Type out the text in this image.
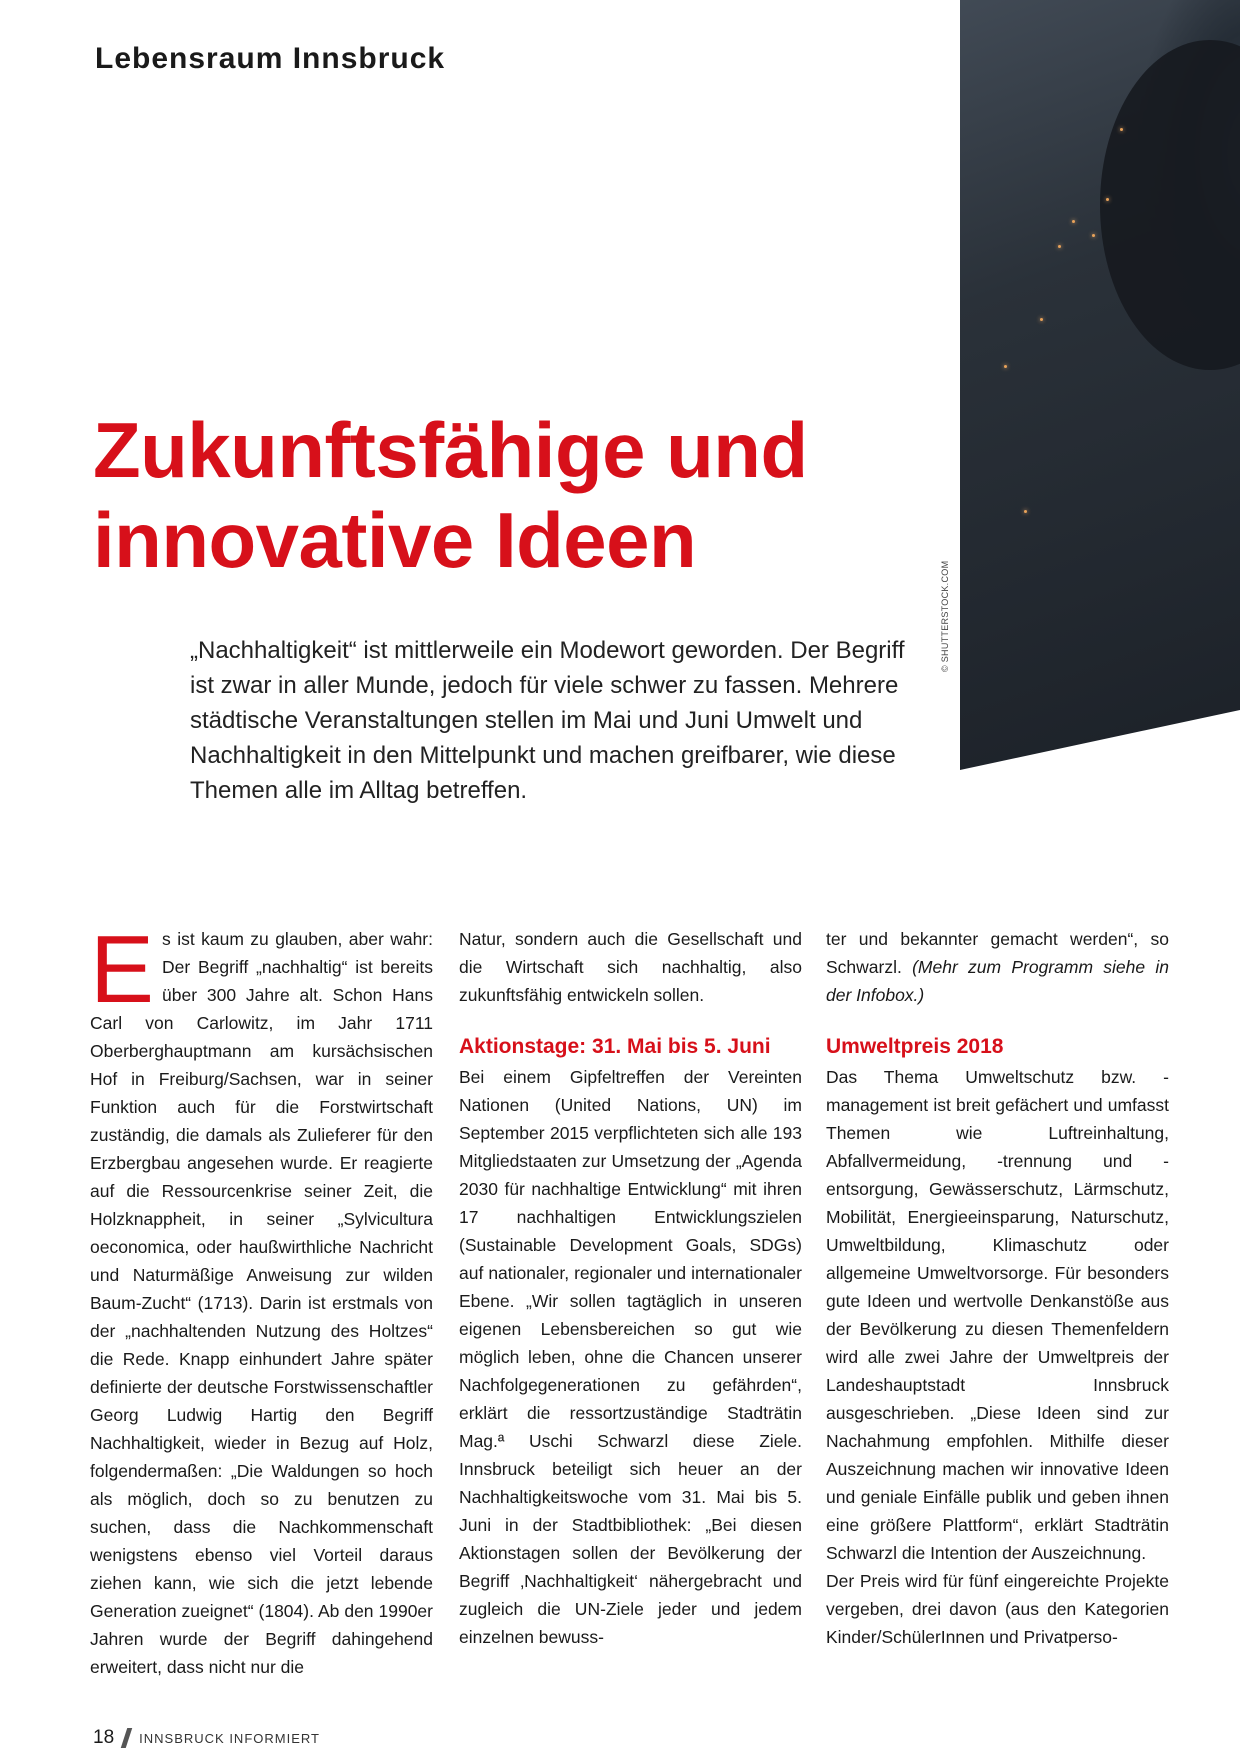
Lebensraum Innsbruck

© SHUTTERSTOCK.COM

Zukunftsfähige und
innovative Ideen

„Nachhaltigkeit“ ist mittlerweile ein Modewort geworden. Der Begriff ist zwar in aller Munde, jedoch für viele schwer zu fassen. Mehrere städtische Veranstaltungen stellen im Mai und Juni Umwelt und Nachhaltigkeit in den Mittelpunkt und machen greifbarer, wie diese Themen alle im Alltag betreffen.

Es ist kaum zu glauben, aber wahr: Der Begriff „nachhaltig“ ist bereits über 300 Jahre alt. Schon Hans Carl von Carlowitz, im Jahr 1711 Oberberghauptmann am kursächsischen Hof in Freiburg/Sachsen, war in seiner Funktion auch für die Forstwirtschaft zuständig, die damals als Zulieferer für den Erzbergbau angesehen wurde. Er reagierte auf die Ressourcenkrise seiner Zeit, die Holzknappheit, in seiner „Sylvicultura oeconomica, oder haußwirthliche Nachricht und Naturmäßige Anweisung zur wilden Baum-Zucht“ (1713). Darin ist erstmals von der „nachhaltenden Nutzung des Holtzes“ die Rede. Knapp einhundert Jahre später definierte der deutsche Forstwissenschaftler Georg Ludwig Hartig den Begriff Nachhaltigkeit, wieder in Bezug auf Holz, folgendermaßen: „Die Waldungen so hoch als möglich, doch so zu benutzen zu suchen, dass die Nachkommenschaft wenigstens ebenso viel Vorteil daraus ziehen kann, wie sich die jetzt lebende Generation zueignet“ (1804). Ab den 1990er Jahren wurde der Begriff dahingehend erweitert, dass nicht nur die

Natur, sondern auch die Gesellschaft und die Wirtschaft sich nachhaltig, also zukunftsfähig entwickeln sollen.

Aktionstage: 31. Mai bis 5. Juni

Bei einem Gipfeltreffen der Vereinten Nationen (United Nations, UN) im September 2015 verpflichteten sich alle 193 Mitgliedstaaten zur Umsetzung der „Agenda 2030 für nachhaltige Entwicklung“ mit ihren 17 nachhaltigen Entwicklungszielen (Sustainable Development Goals, SDGs) auf nationaler, regionaler und internationaler Ebene. „Wir sollen tagtäglich in unseren eigenen Lebensbereichen so gut wie möglich leben, ohne die Chancen unserer Nachfolgegenerationen zu gefährden“, erklärt die ressortzuständige Stadträtin Mag.ª Uschi Schwarzl diese Ziele. Innsbruck beteiligt sich heuer an der Nachhaltigkeitswoche vom 31. Mai bis 5. Juni in der Stadtbibliothek: „Bei diesen Aktionstagen sollen der Bevölkerung der Begriff ‚Nachhaltigkeit‘ nähergebracht und zugleich die UN-Ziele jeder und jedem einzelnen bewuss-

ter und bekannter gemacht werden“, so Schwarzl. (Mehr zum Programm siehe in der Infobox.)

Umweltpreis 2018

Das Thema Umweltschutz bzw. -management ist breit gefächert und umfasst Themen wie Luftreinhaltung, Abfallvermeidung, -trennung und -entsorgung, Gewässerschutz, Lärmschutz, Mobilität, Energieeinsparung, Naturschutz, Umweltbildung, Klimaschutz oder allgemeine Umweltvorsorge. Für besonders gute Ideen und wertvolle Denkanstöße aus der Bevölkerung zu diesen Themenfeldern wird alle zwei Jahre der Umweltpreis der Landeshauptstadt Innsbruck ausgeschrieben. „Diese Ideen sind zur Nachahmung empfohlen. Mithilfe dieser Auszeichnung machen wir innovative Ideen und geniale Einfälle publik und geben ihnen eine größere Plattform“, erklärt Stadträtin Schwarzl die Intention der Auszeichnung.

Der Preis wird für fünf eingereichte Projekte vergeben, drei davon (aus den Kategorien Kinder/SchülerInnen und Privatperso-

18 INNSBRUCK INFORMIERT
